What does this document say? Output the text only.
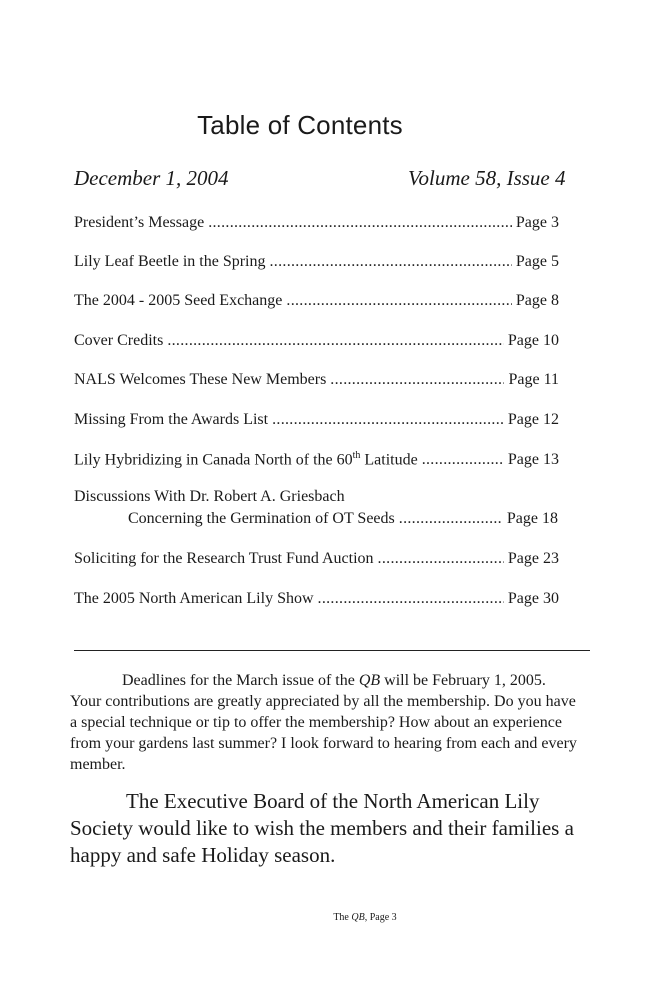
Table of Contents
December 1, 2004	Volume 58, Issue 4
President’s Message . . .	Page 3
Lily Leaf Beetle in the Spring . . .	Page 5
The 2004 - 2005 Seed Exchange . . .	Page 8
Cover Credits . . .	Page 10
NALS Welcomes These New Members . . .	Page 11
Missing From the Awards List . . .	Page 12
Lily Hybridizing in Canada North of the 60th Latitude . . .	Page 13
Discussions With Dr. Robert A. Griesbach
Concerning the Germination of OT Seeds . . .	Page 18
Soliciting for the Research Trust Fund Auction . . .	Page 23
The 2005 North American Lily Show . . .	Page 30

Deadlines for the March issue of the QB will be February 1, 2005. Your contributions are greatly appreciated by all the membership. Do you have a special technique or tip to offer the membership? How about an experience from your gardens last summer? I look forward to hearing from each and every member.

The Executive Board of the North American Lily Society would like to wish the members and their families a happy and safe Holiday season.

The QB, Page 3
